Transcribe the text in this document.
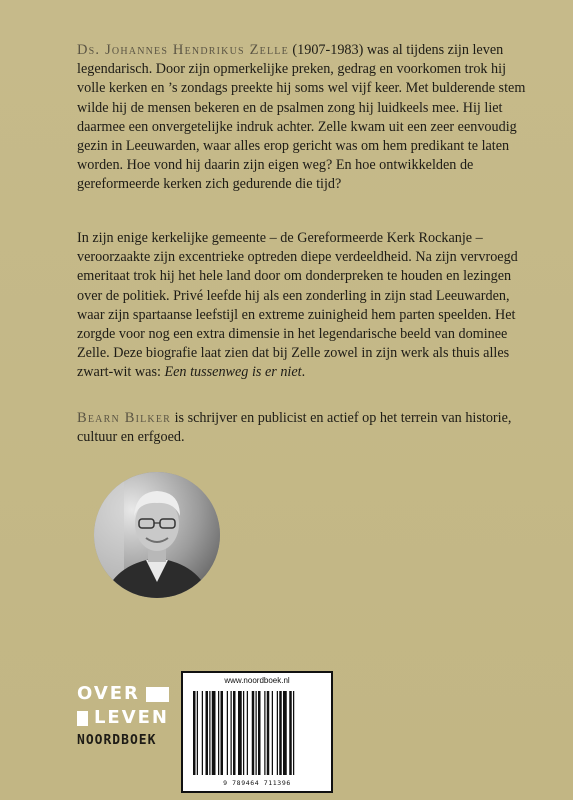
Ds. Johannes Hendrikus Zelle (1907-1983) was al tijdens zijn leven legendarisch. Door zijn opmerkelijke preken, gedrag en voorkomen trok hij volle kerken en ’s zondags preekte hij soms wel vijf keer. Met bulderende stem wilde hij de mensen bekeren en de psalmen zong hij luidkeels mee. Hij liet daarmee een onvergetelijke indruk achter. Zelle kwam uit een zeer eenvoudig gezin in Leeuwarden, waar alles erop gericht was om hem predikant te laten worden. Hoe vond hij daarin zijn eigen weg? En hoe ontwikkelden de gereformeerde kerken zich gedurende die tijd?

In zijn enige kerkelijke gemeente – de Gereformeerde Kerk Rockanje – veroorzaakte zijn excentrieke optreden diepe verdeeldheid. Na zijn vervroegd emeritaat trok hij het hele land door om donderpreken te houden en lezingen over de politiek. Privé leefde hij als een zonderling in zijn stad Leeuwarden, waar zijn spartaanse leefstijl en extreme zuinigheid hem parten speelden. Het zorgde voor nog een extra dimensie in het legendarische beeld van dominee Zelle. Deze biografie laat zien dat bij Zelle zowel in zijn werk als thuis alles zwart-wit was: Een tussenweg is er niet.

Bearn Bilker is schrijver en publicist en actief op het terrein van historie, cultuur en erfgoed.

OVER
LEVEN
NOORDBOEK
www.noordboek.nl
9 789464 711396
